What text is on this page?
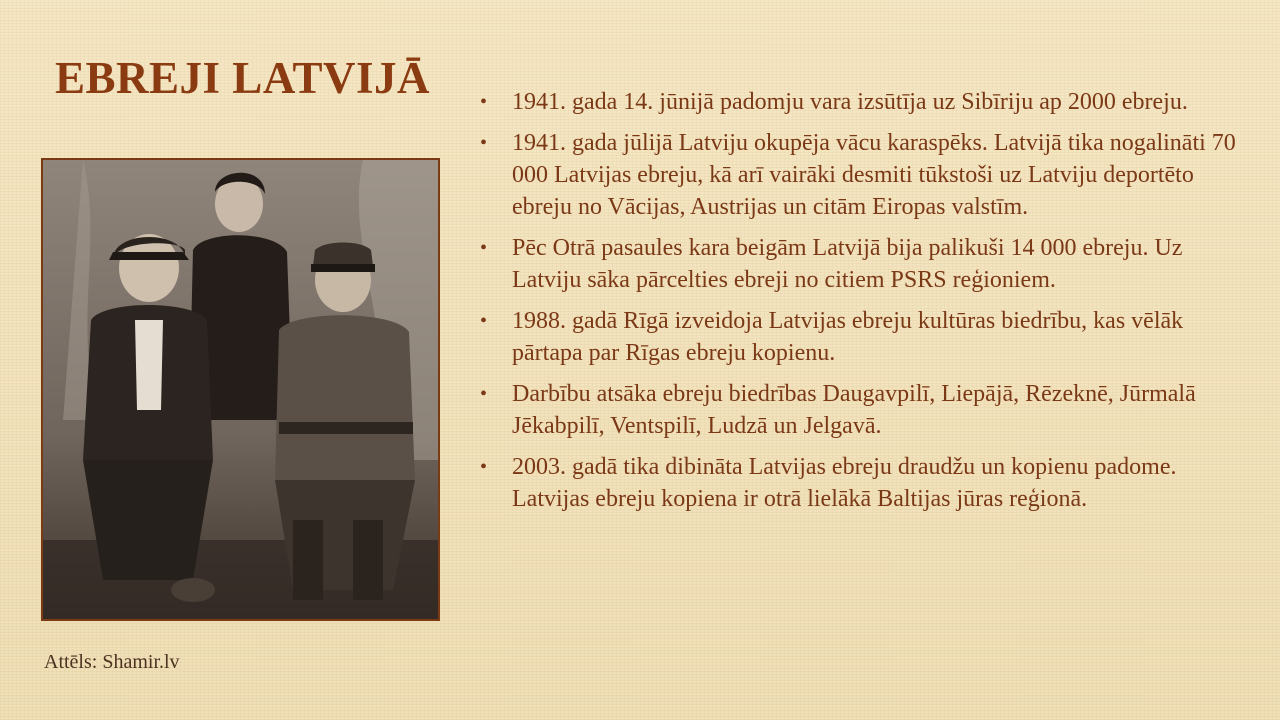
EBREJI LATVIJĀ
Attēls: Shamir.lv
• 1941. gada 14. jūnijā padomju vara izsūtīja uz Sibīriju ap 2000 ebreju.
• 1941. gada jūlijā Latviju okupēja vācu karaspēks. Latvijā tika nogalināti 70 000 Latvijas ebreju, kā arī vairāki desmiti tūkstoši uz Latviju deportēto ebreju no Vācijas, Austrijas un citām Eiropas valstīm.
• Pēc Otrā pasaules kara beigām Latvijā bija palikuši 14 000 ebreju. Uz Latviju sāka pārcelties ebreji no citiem PSRS reģioniem.
• 1988. gadā Rīgā izveidoja Latvijas ebreju kultūras biedrību, kas vēlāk pārtapa par Rīgas ebreju kopienu.
• Darbību atsāka ebreju biedrības Daugavpilī, Liepājā, Rēzeknē, Jūrmalā Jēkabpilī, Ventspilī, Ludzā un Jelgavā.
• 2003. gadā tika dibināta Latvijas ebreju draudžu un kopienu padome. Latvijas ebreju kopiena ir otrā lielākā Baltijas jūras reģionā.
